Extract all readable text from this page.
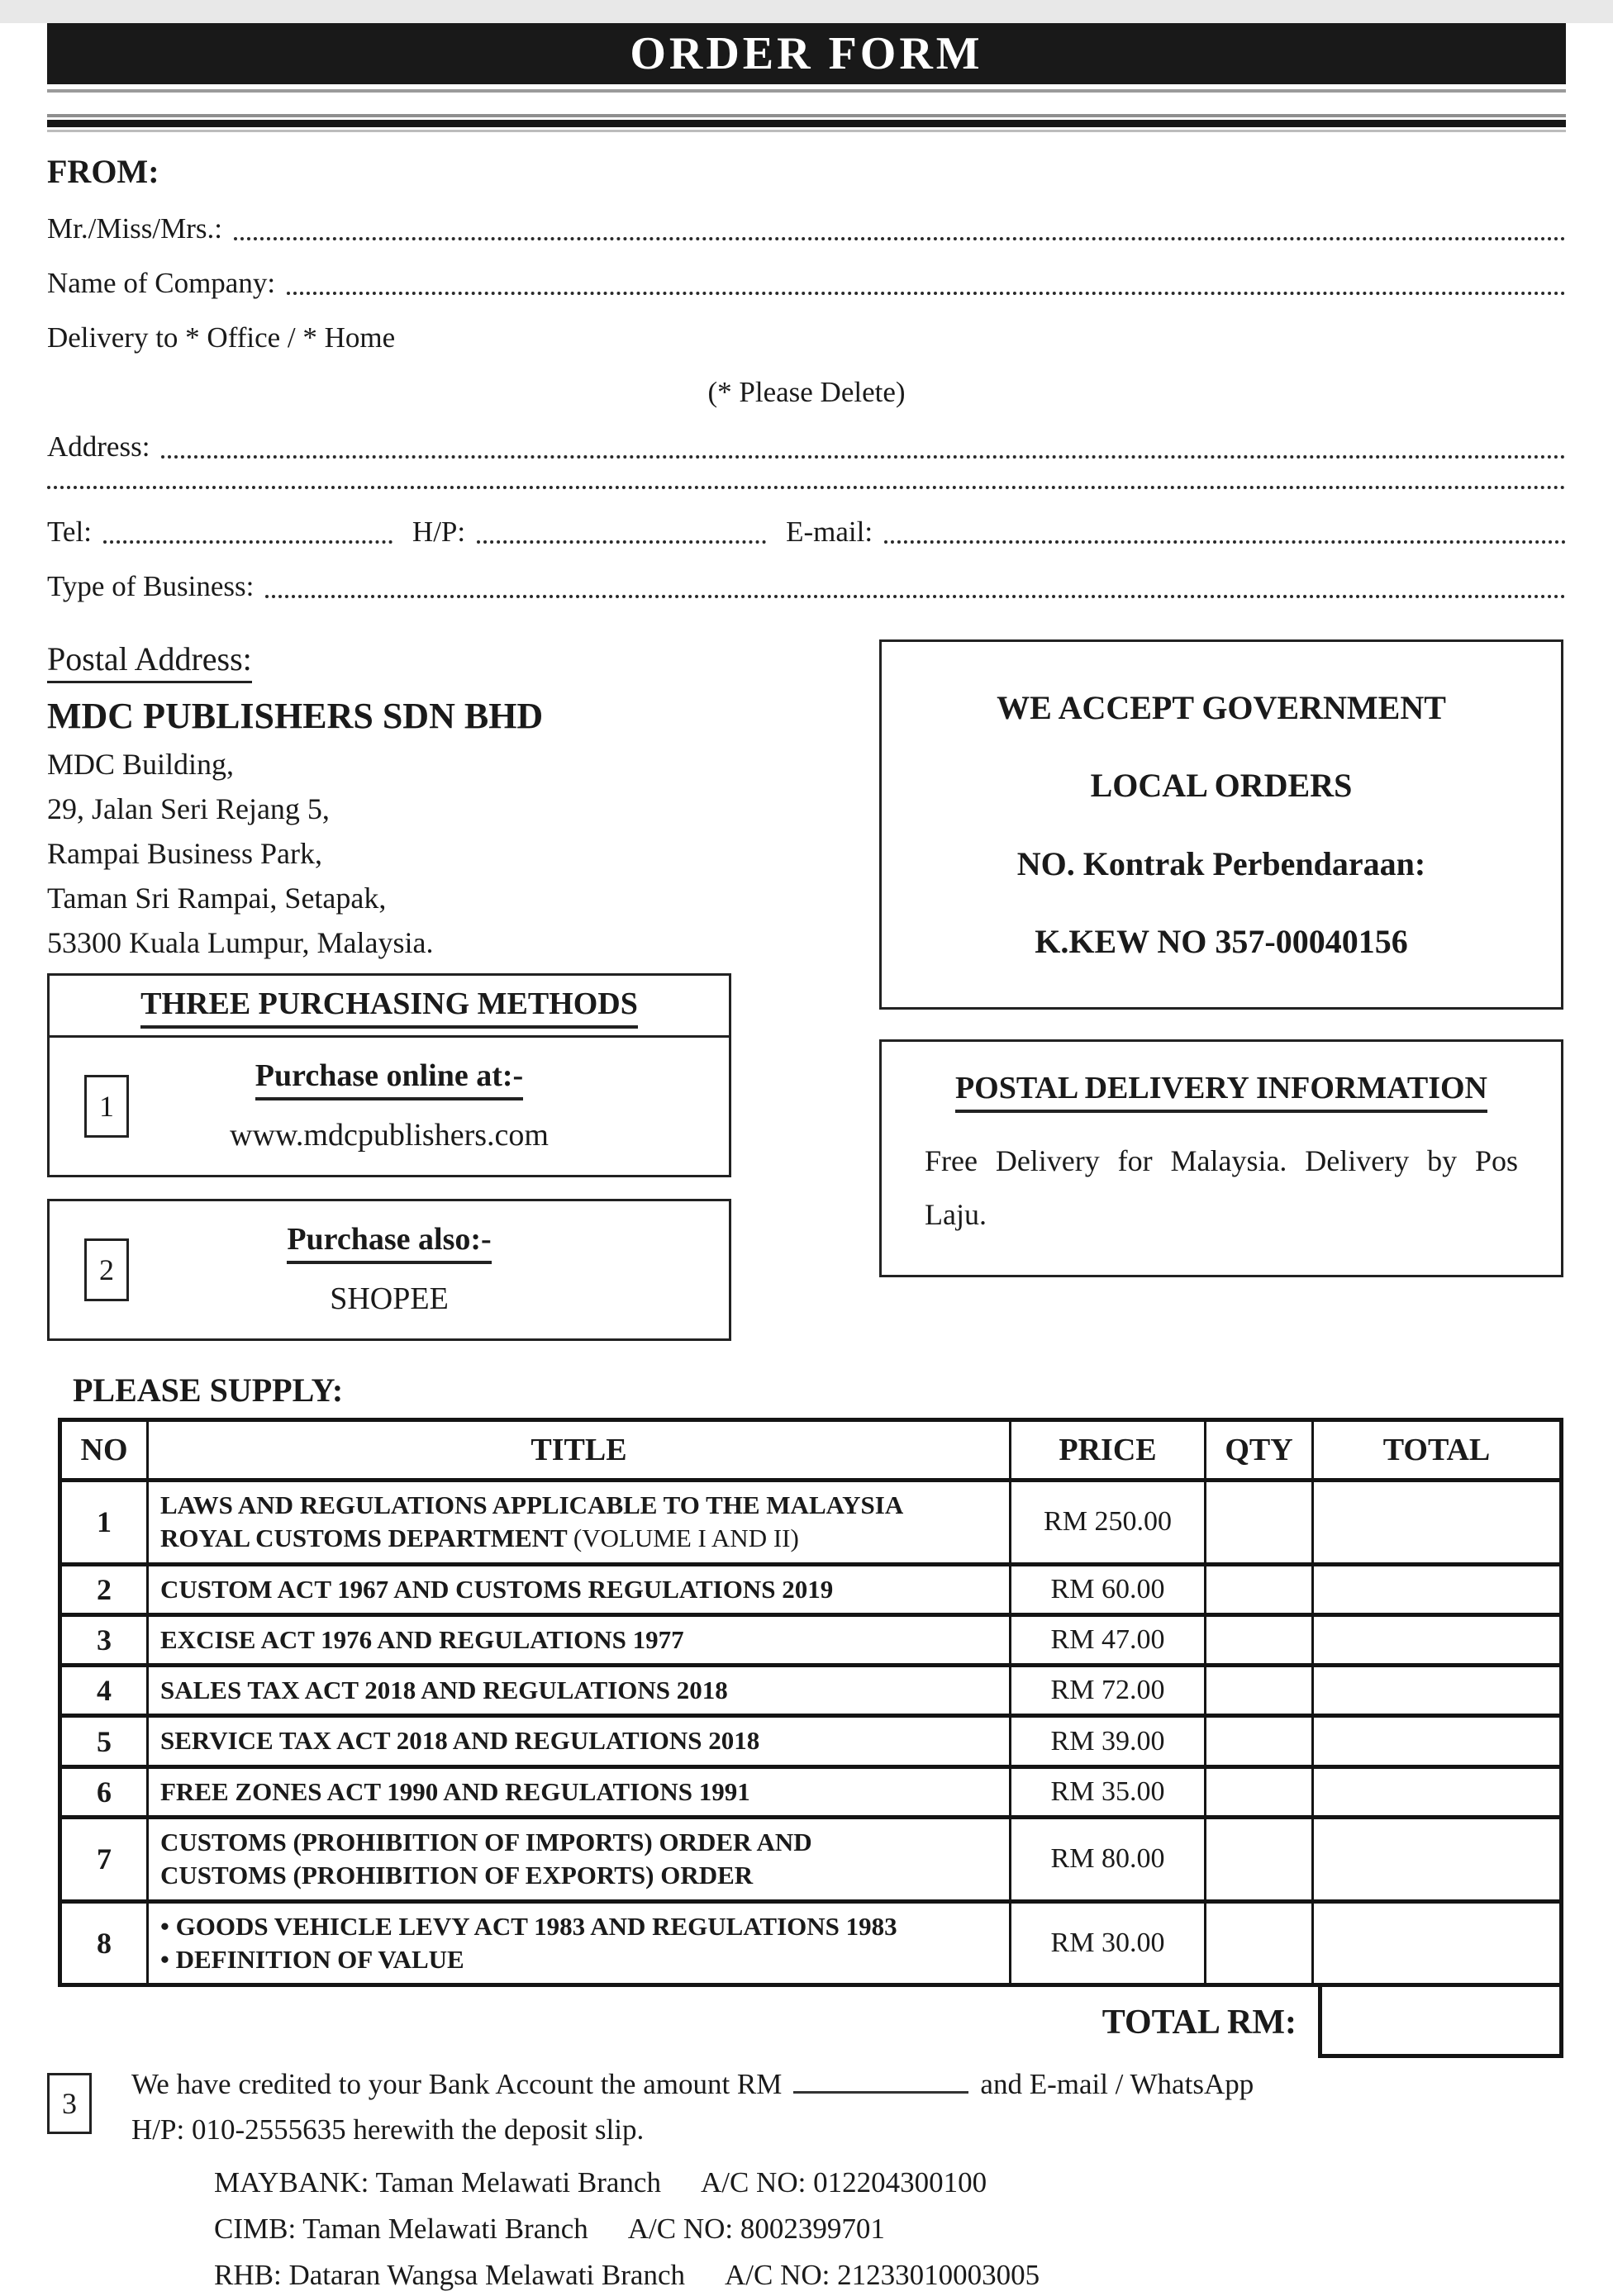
ORDER FORM
FROM:
Mr./Miss/Mrs.:
Name of Company:
Delivery to * Office / * Home
(* Please Delete)
Address:
Tel:	H/P:	E-mail:
Type of Business:
Postal Address:
MDC PUBLISHERS SDN BHD
MDC Building,
29, Jalan Seri Rejang 5,
Rampai Business Park,
Taman Sri Rampai, Setapak,
53300 Kuala Lumpur, Malaysia.
THREE PURCHASING METHODS
1
Purchase online at:-
www.mdcpublishers.com
2
Purchase also:-
SHOPEE
WE ACCEPT GOVERNMENT
LOCAL ORDERS
NO. Kontrak Perbendaraan:
K.KEW NO 357-00040156
POSTAL DELIVERY INFORMATION
Free Delivery for Malaysia. Delivery by Pos Laju.
PLEASE SUPPLY:
NO	TITLE	PRICE	QTY	TOTAL
1	LAWS AND REGULATIONS APPLICABLE TO THE MALAYSIA
ROYAL CUSTOMS DEPARTMENT (VOLUME I AND II)	RM 250.00		
2	CUSTOM ACT 1967 AND CUSTOMS REGULATIONS 2019	RM 60.00		
3	EXCISE ACT 1976 AND REGULATIONS 1977	RM 47.00		
4	SALES TAX ACT 2018 AND REGULATIONS 2018	RM 72.00		
5	SERVICE TAX ACT 2018 AND REGULATIONS 2018	RM 39.00		
6	FREE ZONES ACT 1990 AND REGULATIONS 1991	RM 35.00		
7	CUSTOMS (PROHIBITION OF IMPORTS) ORDER AND
CUSTOMS (PROHIBITION OF EXPORTS) ORDER	RM 80.00		
8	• GOODS VEHICLE LEVY ACT 1983 AND REGULATIONS 1983
• DEFINITION OF VALUE	RM 30.00		
TOTAL RM:
3
We have credited to your Bank Account the amount RM	and E-mail / WhatsApp
H/P: 010-2555635 herewith the deposit slip.
MAYBANK: Taman Melawati Branch A/C NO: 012204300100
CIMB: Taman Melawati Branch A/C NO: 8002399701
RHB: Dataran Wangsa Melawati Branch A/C NO: 21233010003005
